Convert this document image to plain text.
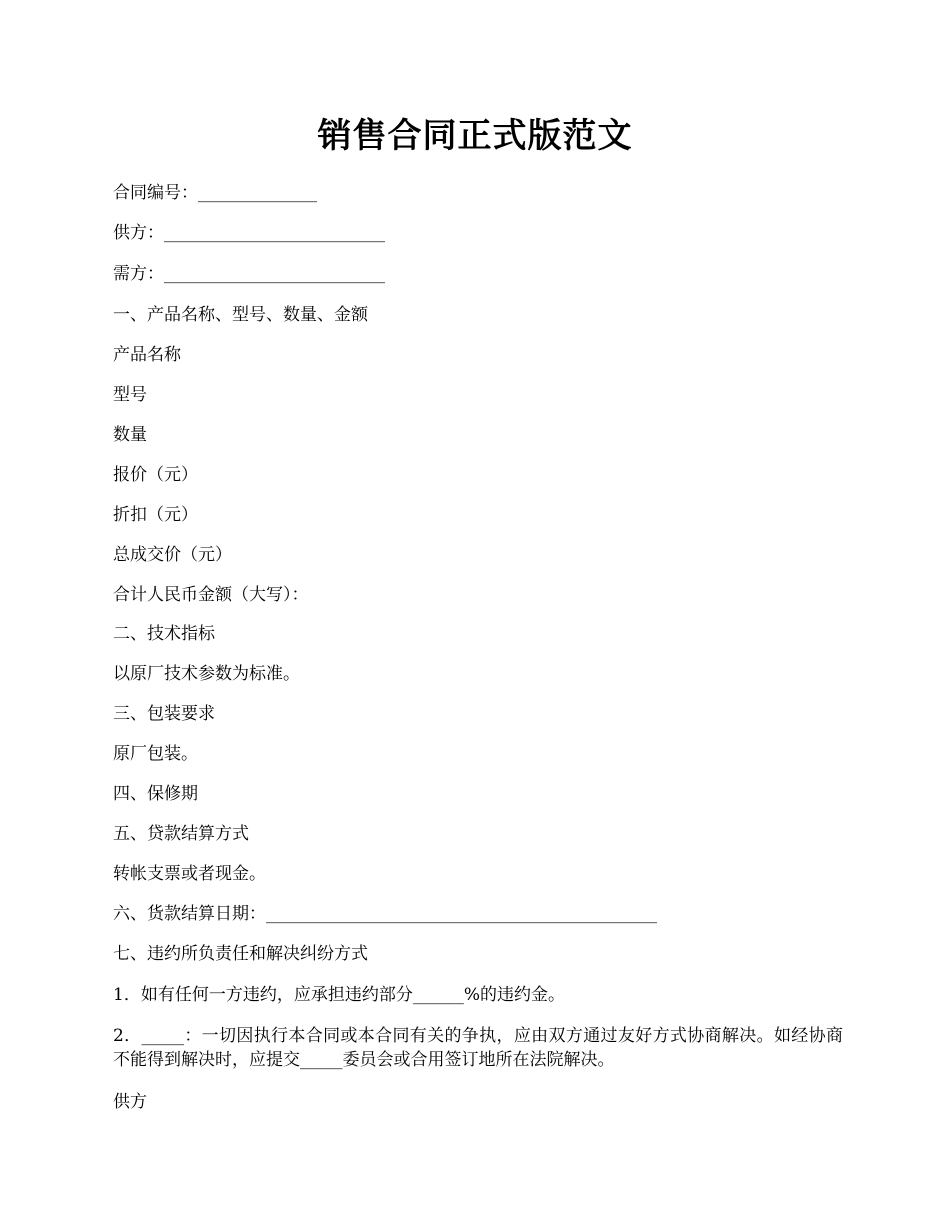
销售合同正式版范文

合同编号：______________

供方：__________________________

需方：__________________________

一、产品名称、型号、数量、金额

产品名称

型号

数量

报价（元）

折扣（元）

总成交价（元）

合计人民币金额（大写）：

二、技术指标

以原厂技术参数为标准。

三、包装要求

原厂包装。

四、保修期

五、贷款结算方式

转帐支票或者现金。

六、货款结算日期：______________________________________________

七、违约所负责任和解决纠纷方式

1．如有任何一方违约，应承担违约部分______%的违约金。

2．_____：一切因执行本合同或本合同有关的争执，应由双方通过友好方式协商解决。如经协商不能得到解决时，应提交_____委员会或合用签订地所在法院解决。

供方
